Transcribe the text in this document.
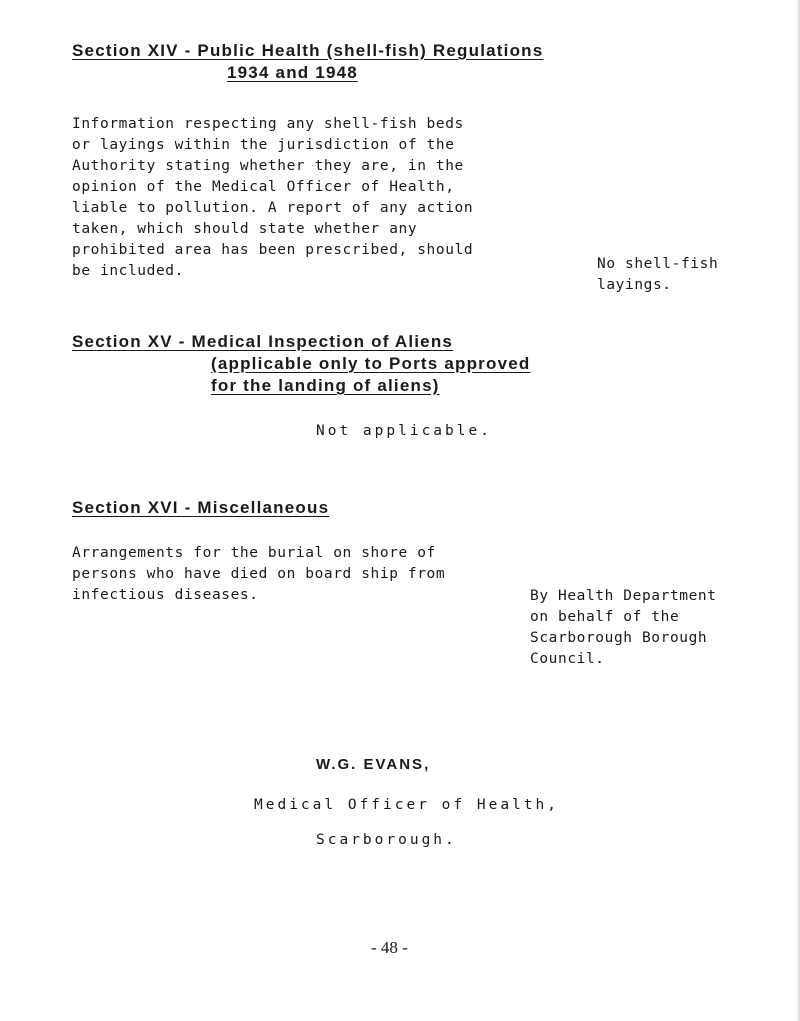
Section XIV - Public Health (shell-fish) Regulations
1934 and 1948

Information respecting any shell-fish beds
or layings within the jurisdiction of the
Authority stating whether they are, in the
opinion of the Medical Officer of Health,
liable to pollution. A report of any action
taken, which should state whether any
prohibited area has been prescribed, should
be included.	No shell-fish
layings.

Section XV - Medical Inspection of Aliens
(applicable only to Ports approved
for the landing of aliens)

Not applicable.

Section XVI - Miscellaneous

Arrangements for the burial on shore of
persons who have died on board ship from
infectious diseases.	By Health Department
on behalf of the
Scarborough Borough
Council.

W.G. EVANS,

Medical Officer of Health,

Scarborough.

- 48 -
